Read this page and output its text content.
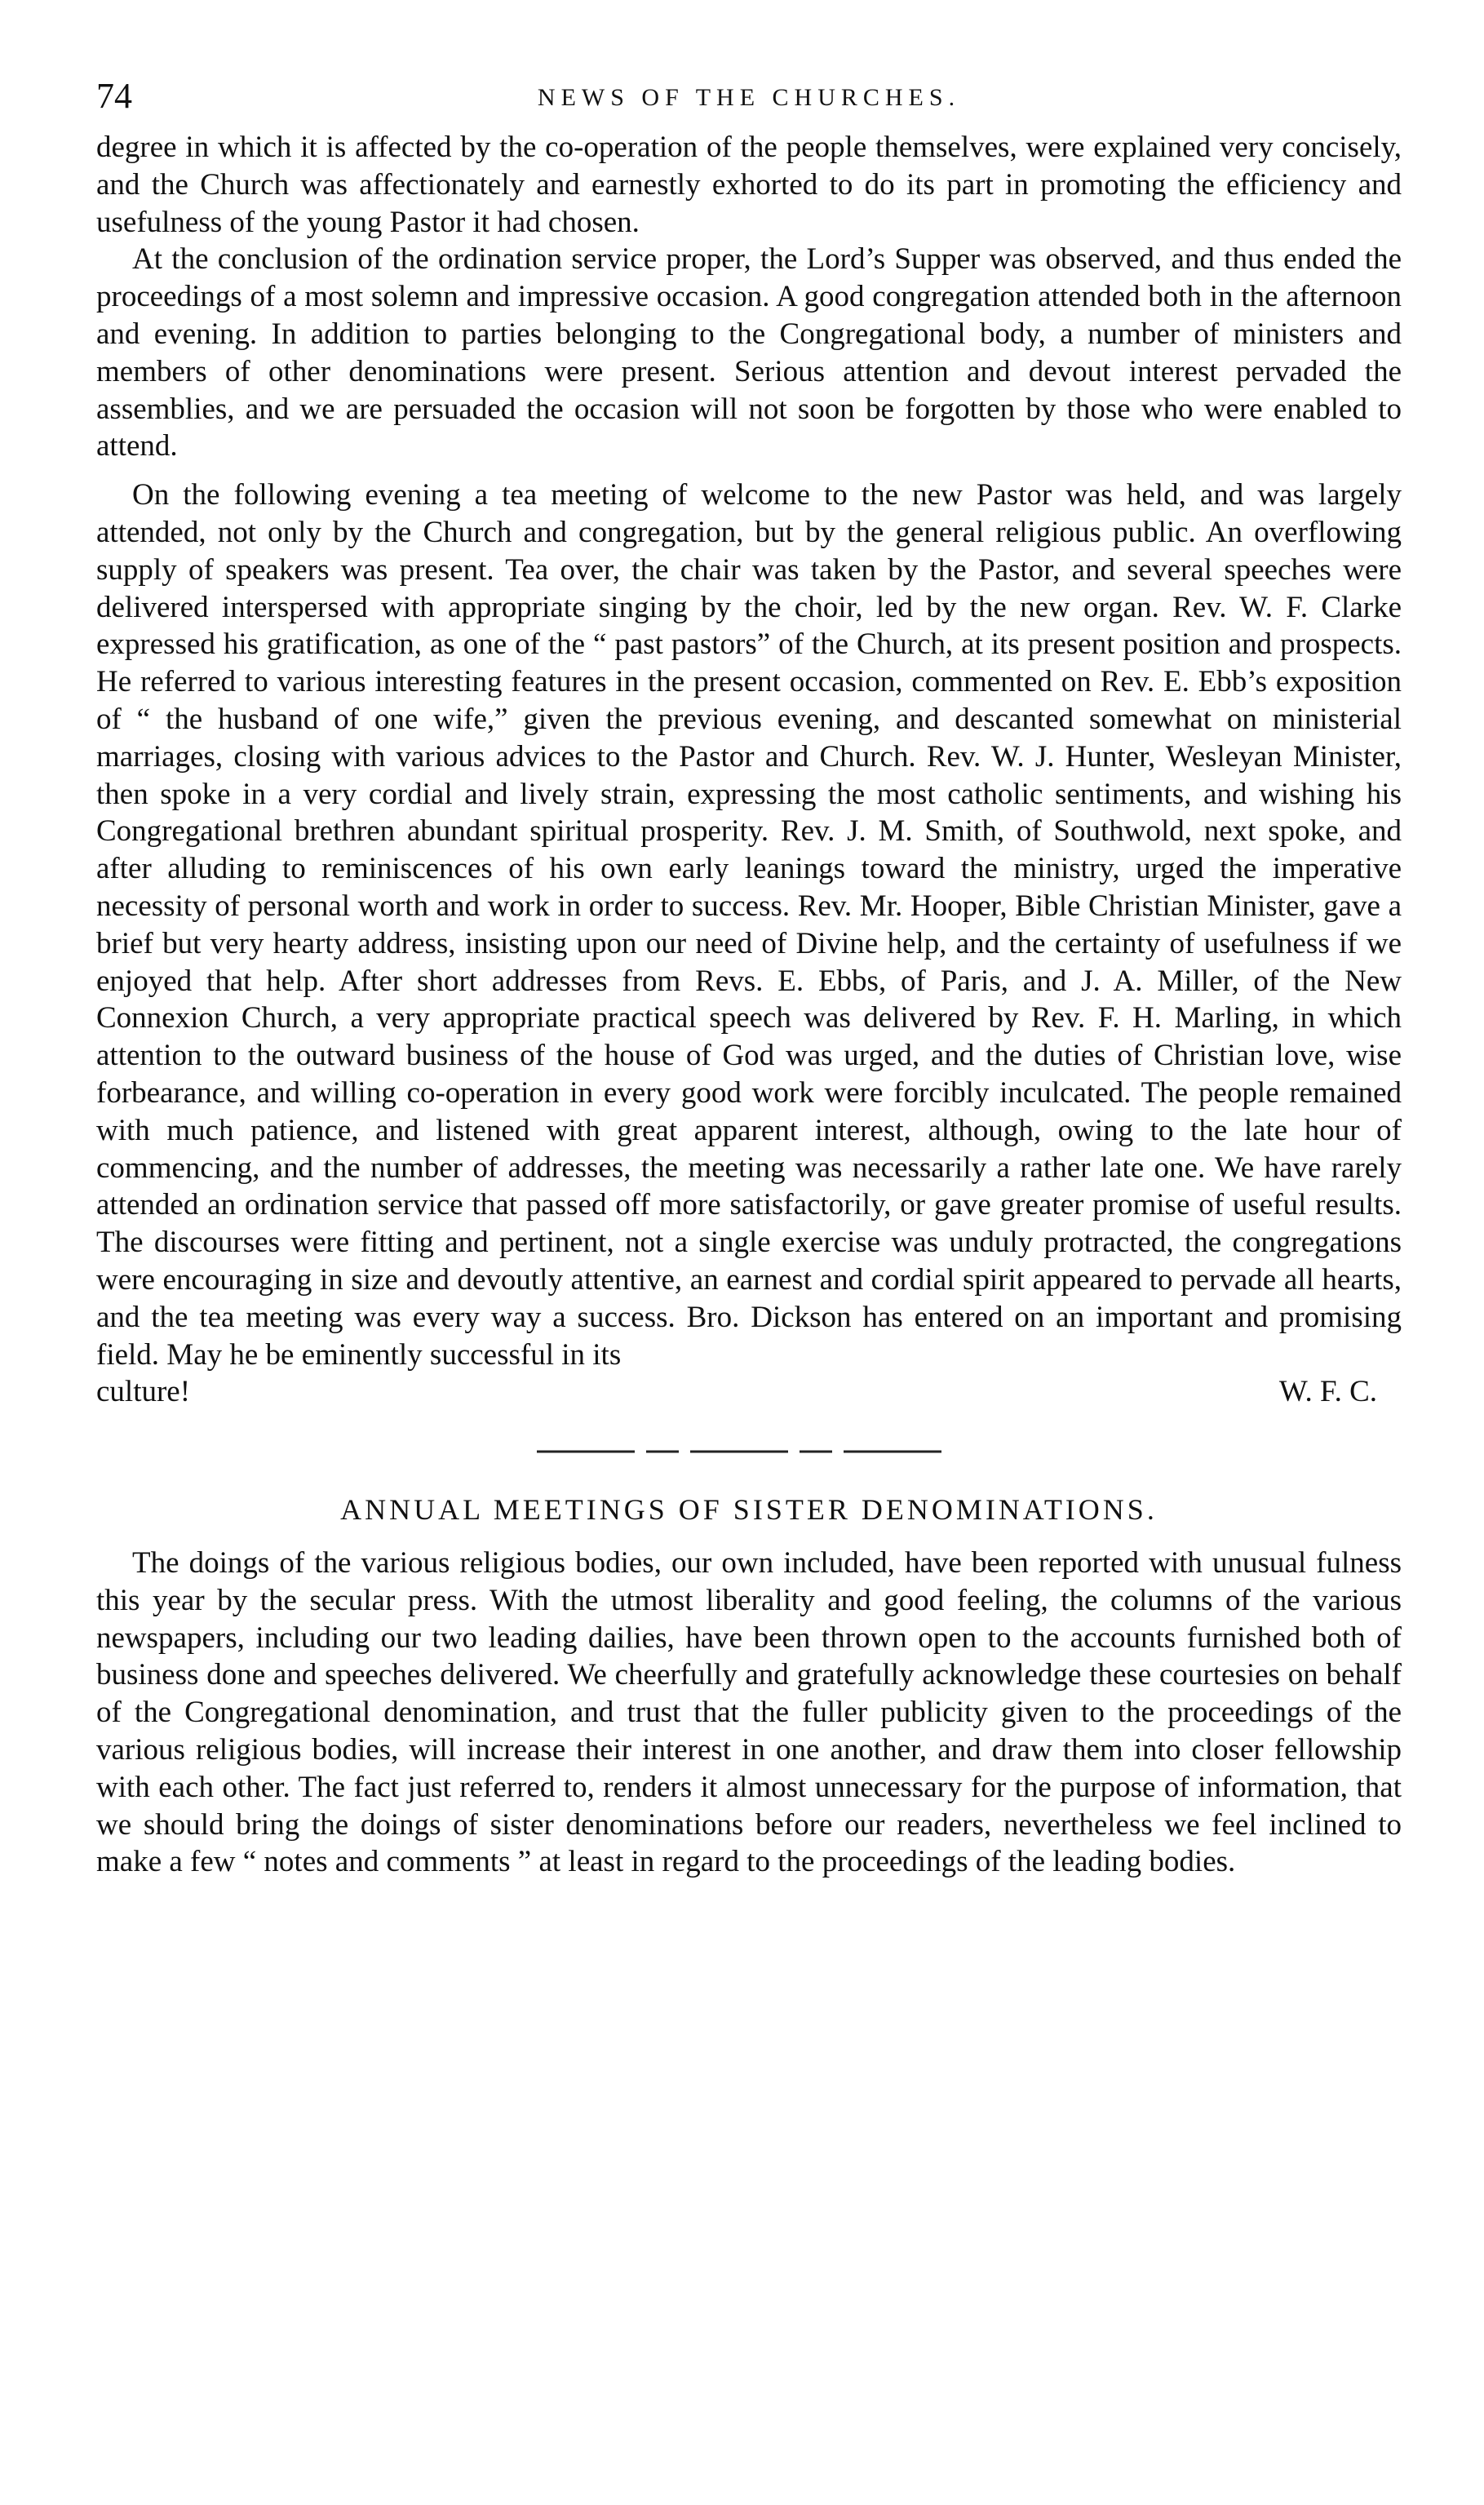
74	NEWS OF THE CHURCHES.

degree in which it is affected by the co-operation of the people themselves, were explained very concisely, and the Church was affectionately and earnestly exhorted to do its part in promoting the efficiency and usefulness of the young Pastor it had chosen.

At the conclusion of the ordination service proper, the Lord’s Supper was observed, and thus ended the proceedings of a most solemn and impressive occasion. A good congregation attended both in the afternoon and evening. In addition to parties belonging to the Congregational body, a number of ministers and members of other denominations were present. Serious attention and devout interest pervaded the assemblies, and we are persuaded the occasion will not soon be forgotten by those who were enabled to attend.

On the following evening a tea meeting of welcome to the new Pastor was held, and was largely attended, not only by the Church and congregation, but by the general religious public. An overflowing supply of speakers was present. Tea over, the chair was taken by the Pastor, and several speeches were delivered interspersed with appropriate singing by the choir, led by the new organ. Rev. W. F. Clarke expressed his gratification, as one of the “ past pastors” of the Church, at its present position and prospects. He referred to various interesting features in the present occasion, commented on Rev. E. Ebb’s exposition of “ the husband of one wife,” given the previous evening, and descanted somewhat on ministerial marriages, closing with various advices to the Pastor and Church. Rev. W. J. Hunter, Wesleyan Minister, then spoke in a very cordial and lively strain, expressing the most catholic sentiments, and wishing his Congregational brethren abundant spiritual prosperity. Rev. J. M. Smith, of Southwold, next spoke, and after alluding to reminiscences of his own early leanings toward the ministry, urged the imperative necessity of personal worth and work in order to success. Rev. Mr. Hooper, Bible Christian Minister, gave a brief but very hearty address, insisting upon our need of Divine help, and the certainty of usefulness if we enjoyed that help. After short addresses from Revs. E. Ebbs, of Paris, and J. A. Miller, of the New Connexion Church, a very appropriate practical speech was delivered by Rev. F. H. Marling, in which attention to the outward business of the house of God was urged, and the duties of Christian love, wise forbearance, and willing co-operation in every good work were forcibly inculcated. The people remained with much patience, and listened with great apparent interest, although, owing to the late hour of commencing, and the number of addresses, the meeting was necessarily a rather late one. We have rarely attended an ordination service that passed off more satisfactorily, or gave greater promise of useful results. The discourses were fitting and pertinent, not a single exercise was unduly protracted, the congregations were encouraging in size and devoutly attentive, an earnest and cordial spirit appeared to pervade all hearts, and the tea meeting was every way a success. Bro. Dickson has entered on an important and promising field. May he be eminently successful in its

culture!	W. F. C.
ANNUAL MEETINGS OF SISTER DENOMINATIONS.

The doings of the various religious bodies, our own included, have been reported with unusual fulness this year by the secular press. With the utmost liberality and good feeling, the columns of the various newspapers, including our two leading dailies, have been thrown open to the accounts furnished both of business done and speeches delivered. We cheerfully and gratefully acknowledge these courtesies on behalf of the Congregational denomination, and trust that the fuller publicity given to the proceedings of the various religious bodies, will increase their interest in one another, and draw them into closer fellowship with each other. The fact just referred to, renders it almost unnecessary for the purpose of information, that we should bring the doings of sister denominations before our readers, nevertheless we feel inclined to make a few “ notes and comments ” at least in regard to the proceedings of the leading bodies.
